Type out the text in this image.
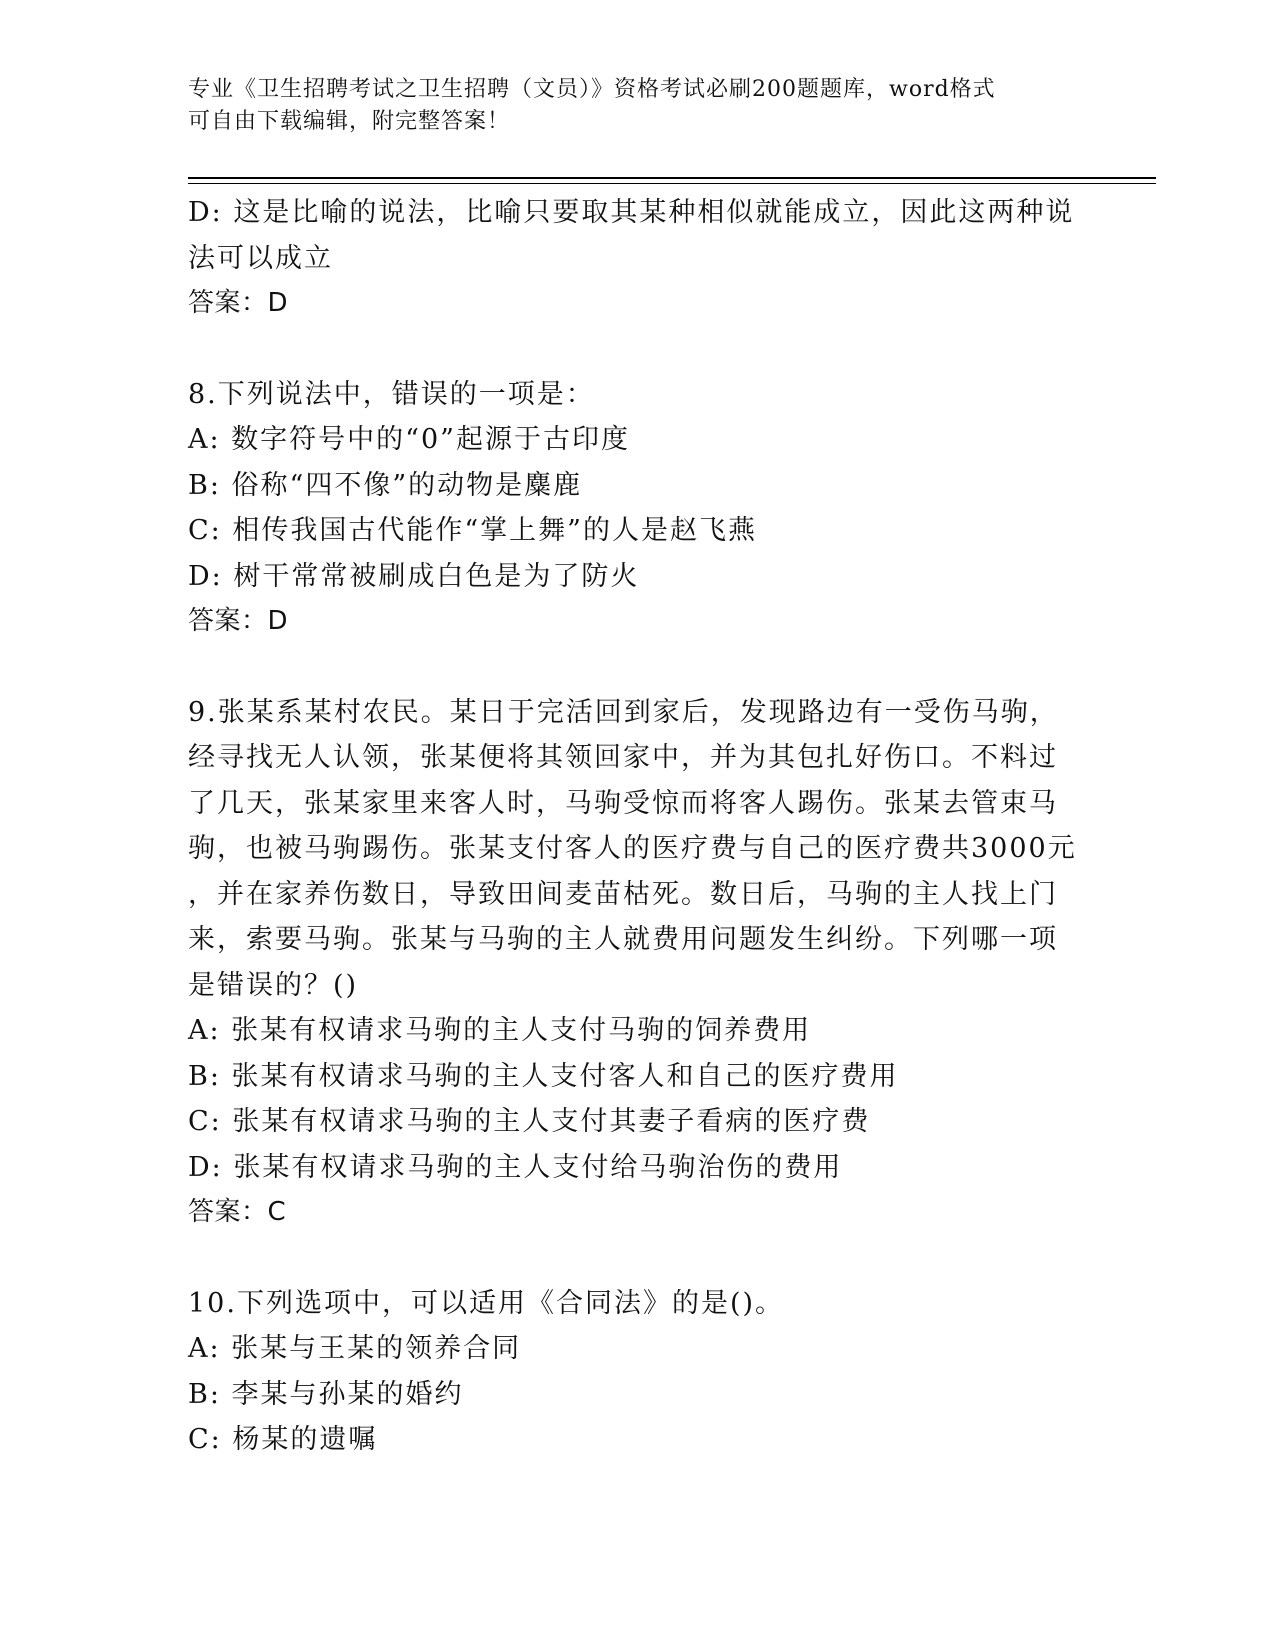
专业《卫生招聘考试之卫生招聘（文员）》资格考试必刷200题题库，word格式
可自由下载编辑，附完整答案！
D: 这是比喻的说法，比喻只要取其某种相似就能成立，因此这两种说
法可以成立
答案：D
8.下列说法中，错误的一项是：
A: 数字符号中的“0”起源于古印度
B: 俗称“四不像”的动物是麋鹿
C: 相传我国古代能作“掌上舞”的人是赵飞燕
D: 树干常常被刷成白色是为了防火
答案：D
9.张某系某村农民。某日于完活回到家后，发现路边有一受伤马驹，
经寻找无人认领，张某便将其领回家中，并为其包扎好伤口。不料过
了几天，张某家里来客人时，马驹受惊而将客人踢伤。张某去管束马
驹，也被马驹踢伤。张某支付客人的医疗费与自己的医疗费共3000元
，并在家养伤数日，导致田间麦苗枯死。数日后，马驹的主人找上门
来，索要马驹。张某与马驹的主人就费用问题发生纠纷。下列哪一项
是错误的？()
A: 张某有权请求马驹的主人支付马驹的饲养费用
B: 张某有权请求马驹的主人支付客人和自己的医疗费用
C: 张某有权请求马驹的主人支付其妻子看病的医疗费
D: 张某有权请求马驹的主人支付给马驹治伤的费用
答案：C
10.下列选项中，可以适用《合同法》的是()。
A: 张某与王某的领养合同
B: 李某与孙某的婚约
C: 杨某的遗嘱
